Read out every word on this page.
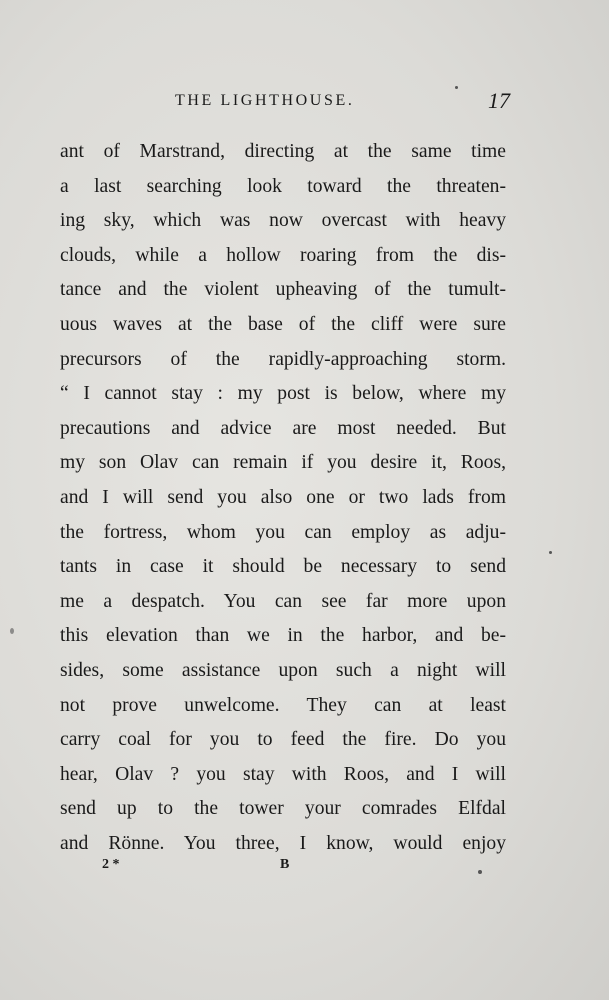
THE LIGHTHOUSE.	17
ant of Marstrand, directing at the same time
a last searching look toward the threaten-
ing sky, which was now overcast with heavy
clouds, while a hollow roaring from the dis-
tance and the violent upheaving of the tumult-
uous waves at the base of the cliff were sure
precursors of the rapidly-approaching storm.
“ I cannot stay : my post is below, where my
precautions and advice are most needed. But
my son Olav can remain if you desire it, Roos,
and I will send you also one or two lads from
the fortress, whom you can employ as adju-
tants in case it should be necessary to send
me a despatch. You can see far more upon
this elevation than we in the harbor, and be-
sides, some assistance upon such a night will
not prove unwelcome. They can at least
carry coal for you to feed the fire. Do you
hear, Olav ? you stay with Roos, and I will
send up to the tower your comrades Elfdal
and Rönne. You three, I know, would enjoy
2 *	B
